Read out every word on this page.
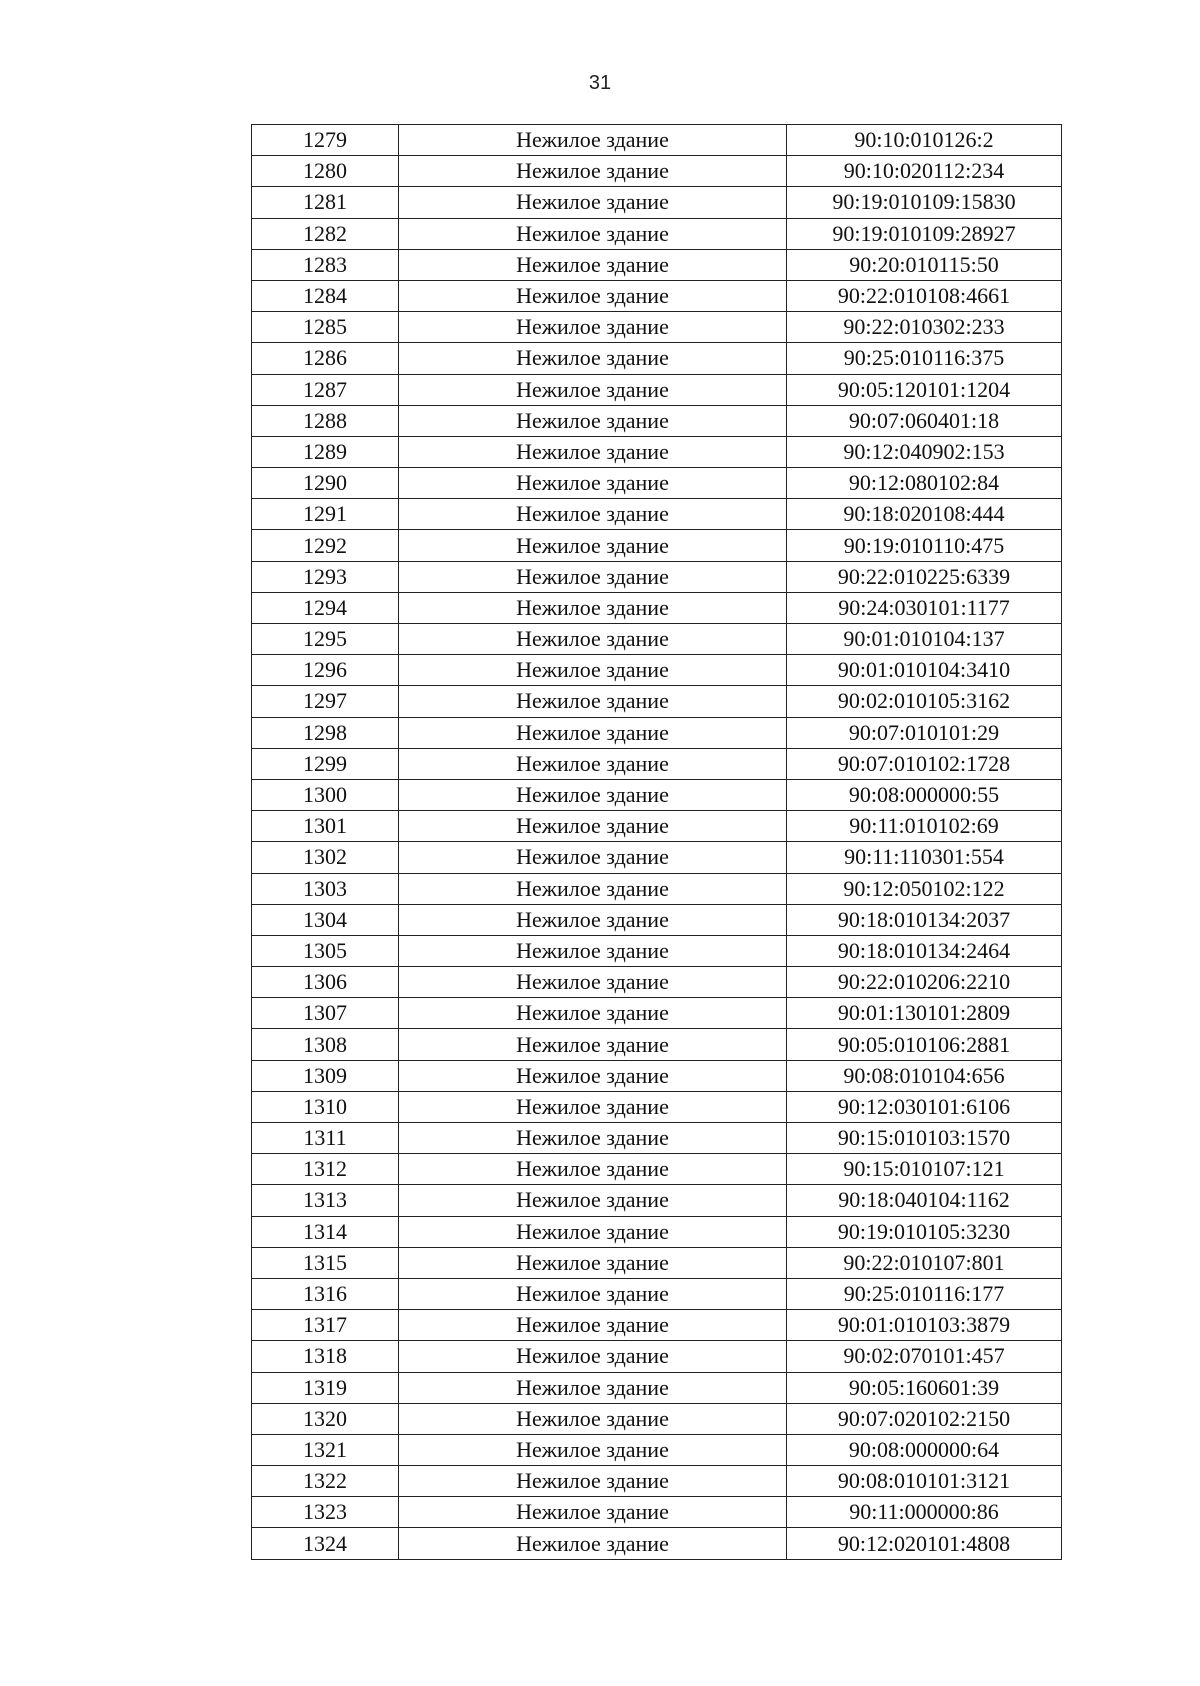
31
1279	Нежилое здание	90:10:010126:2
1280	Нежилое здание	90:10:020112:234
1281	Нежилое здание	90:19:010109:15830
1282	Нежилое здание	90:19:010109:28927
1283	Нежилое здание	90:20:010115:50
1284	Нежилое здание	90:22:010108:4661
1285	Нежилое здание	90:22:010302:233
1286	Нежилое здание	90:25:010116:375
1287	Нежилое здание	90:05:120101:1204
1288	Нежилое здание	90:07:060401:18
1289	Нежилое здание	90:12:040902:153
1290	Нежилое здание	90:12:080102:84
1291	Нежилое здание	90:18:020108:444
1292	Нежилое здание	90:19:010110:475
1293	Нежилое здание	90:22:010225:6339
1294	Нежилое здание	90:24:030101:1177
1295	Нежилое здание	90:01:010104:137
1296	Нежилое здание	90:01:010104:3410
1297	Нежилое здание	90:02:010105:3162
1298	Нежилое здание	90:07:010101:29
1299	Нежилое здание	90:07:010102:1728
1300	Нежилое здание	90:08:000000:55
1301	Нежилое здание	90:11:010102:69
1302	Нежилое здание	90:11:110301:554
1303	Нежилое здание	90:12:050102:122
1304	Нежилое здание	90:18:010134:2037
1305	Нежилое здание	90:18:010134:2464
1306	Нежилое здание	90:22:010206:2210
1307	Нежилое здание	90:01:130101:2809
1308	Нежилое здание	90:05:010106:2881
1309	Нежилое здание	90:08:010104:656
1310	Нежилое здание	90:12:030101:6106
1311	Нежилое здание	90:15:010103:1570
1312	Нежилое здание	90:15:010107:121
1313	Нежилое здание	90:18:040104:1162
1314	Нежилое здание	90:19:010105:3230
1315	Нежилое здание	90:22:010107:801
1316	Нежилое здание	90:25:010116:177
1317	Нежилое здание	90:01:010103:3879
1318	Нежилое здание	90:02:070101:457
1319	Нежилое здание	90:05:160601:39
1320	Нежилое здание	90:07:020102:2150
1321	Нежилое здание	90:08:000000:64
1322	Нежилое здание	90:08:010101:3121
1323	Нежилое здание	90:11:000000:86
1324	Нежилое здание	90:12:020101:4808
